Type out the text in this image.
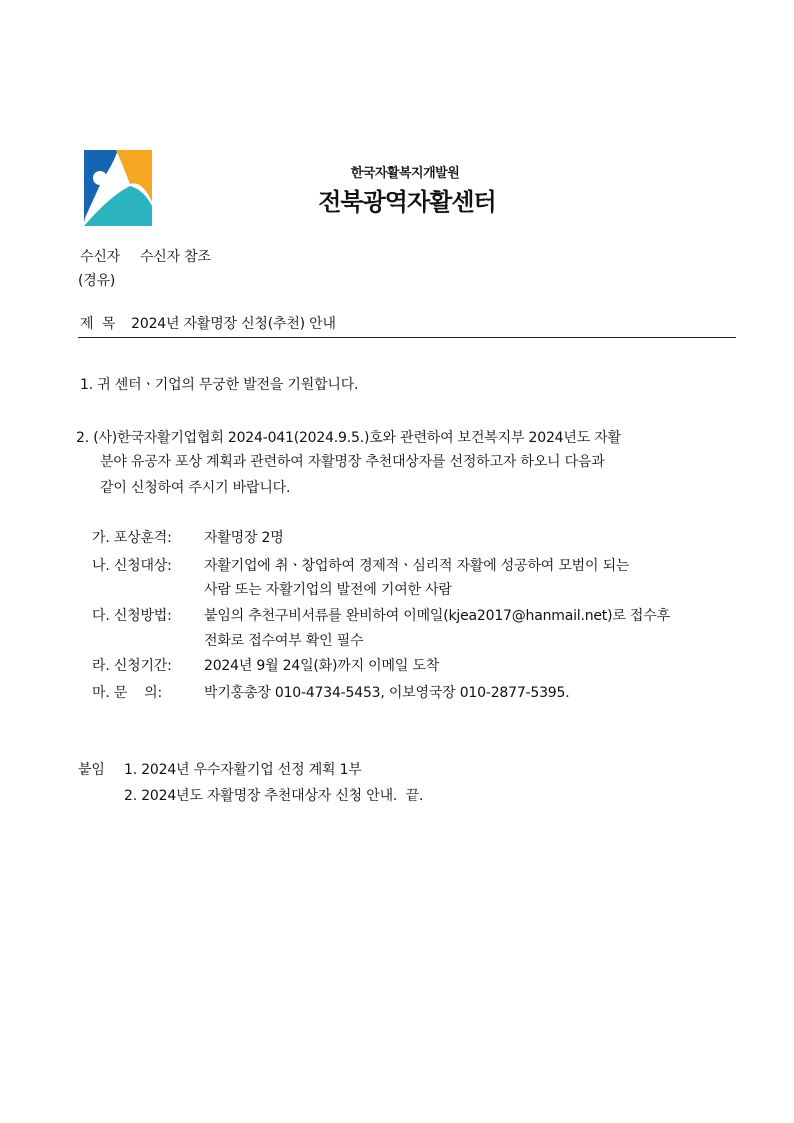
한국자활복지개발원
전북광역자활센터
수신자 수신자 참조
(경유)
제  목 2024년 자활명장 신청(추천) 안내
1. 귀 센터ㆍ기업의 무궁한 발전을 기원합니다.
2. (사)한국자활기업협회 2024-041(2024.9.5.)호와 관련하여 보건복지부 2024년도 자활
분야 유공자 포상 계획과 관련하여 자활명장 추천대상자를 선정하고자 하오니 다음과
같이 신청하여 주시기 바랍니다.
가. 포상훈격: 자활명장 2명
나. 신청대상: 자활기업에 취ㆍ창업하여 경제적ㆍ심리적 자활에 성공하여 모범이 되는
사람 또는 자활기업의 발전에 기여한 사람
다. 신청방법: 붙임의 추천구비서류를 완비하여 이메일(kjea2017@hanmail.net)로 접수후
전화로 접수여부 확인 필수
라. 신청기간: 2024년 9월 24일(화)까지 이메일 도착
마. 문    의:	박기홍총장 010-4734-5453, 이보영국장 010-2877-5395.
붙임 1. 2024년 우수자활기업 선정 계획 1부
2. 2024년도 자활명장 추천대상자 신청 안내.  끝.
